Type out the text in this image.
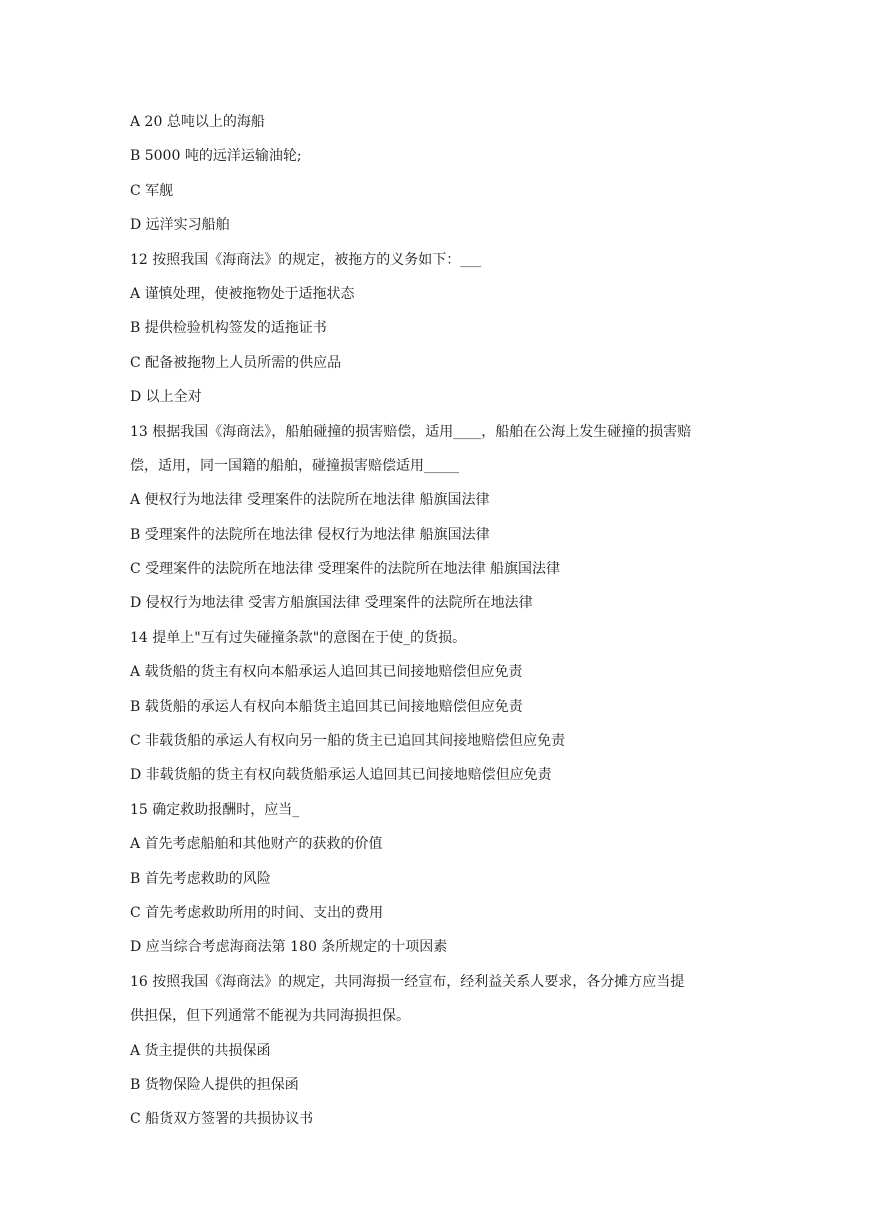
A 20 总吨以上的海船
B 5000 吨的远洋运输油轮;
C 军舰
D 远洋实习船舶
12 按照我国《海商法》的规定，被拖方的义务如下：___
A 谨慎处理，使被拖物处于适拖状态
B 提供检验机构签发的适拖证书
C 配备被拖物上人员所需的供应品
D 以上全对
13 根据我国《海商法》，船舶碰撞的损害赔偿，适用____，船舶在公海上发生碰撞的损害赔
偿，适用，同一国籍的船舶，碰撞损害赔偿适用_____
A 便权行为地法律 受理案件的法院所在地法律 船旗国法律
B 受理案件的法院所在地法律 侵权行为地法律 船旗国法律
C 受理案件的法院所在地法律 受理案件的法院所在地法律 船旗国法律
D 侵权行为地法律 受害方船旗国法律 受理案件的法院所在地法律
14 提单上"互有过失碰撞条款"的意图在于使_的货损。
A 载货船的货主有权向本船承运人追回其已间接地赔偿但应免责
B 载货船的承运人有权向本船货主追回其已间接地赔偿但应免责
C 非载货船的承运人有权向另一船的货主已追回其间接地赔偿但应免责
D 非载货船的货主有权向载货船承运人追回其已间接地赔偿但应免责
15 确定救助报酬时，应当_
A 首先考虑船舶和其他财产的获救的价值
B 首先考虑救助的风险
C 首先考虑救助所用的时间、支出的费用
D 应当综合考虑海商法第 180 条所规定的十项因素
16 按照我国《海商法》的规定，共同海损一经宣布，经利益关系人要求，各分摊方应当提
供担保，但下列通常不能视为共同海损担保。
A 货主提供的共损保函
B 货物保险人提供的担保函
C 船货双方签署的共损协议书
